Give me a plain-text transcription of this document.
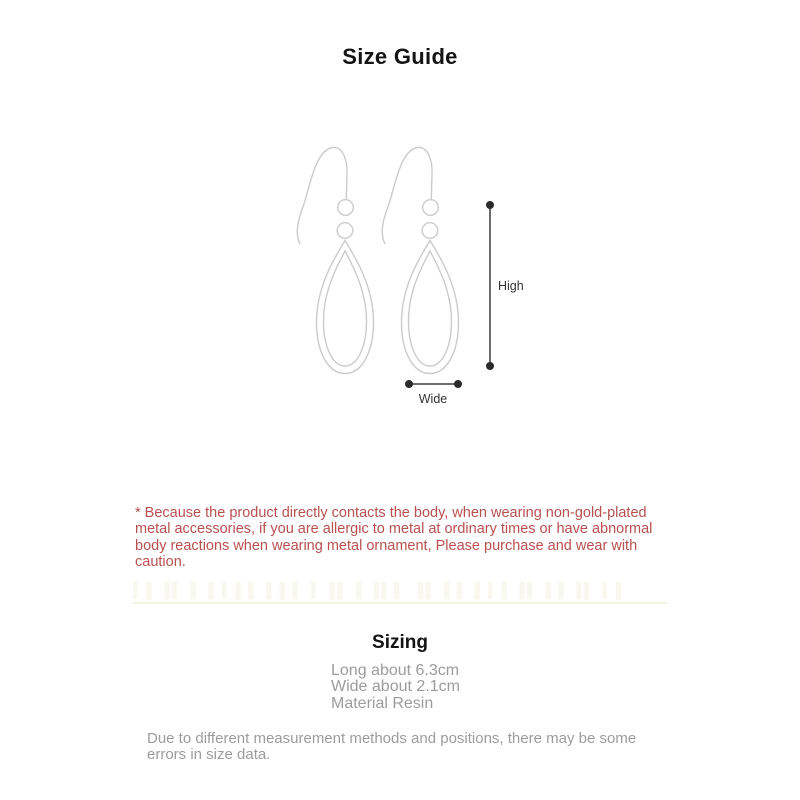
Size Guide
High
Wide
* Because the product directly contacts the body, when wearing non-gold-plated
metal accessories, if you are allergic to metal at ordinary times or have abnormal
body reactions when wearing metal ornament, Please purchase and wear with
caution.
▍▌▐▌ ▌▐ ▍▌▌▐ ▌▌ ▍▐▌ ▌▐▌▌ ▐▌ ▌▌▐ ▍▌▐▌ ▌▌▐▌ ▍▌
Sizing
Long about 6.3cm
Wide about 2.1cm
Material Resin
Due to different measurement methods and positions, there may be some
errors in size data.
